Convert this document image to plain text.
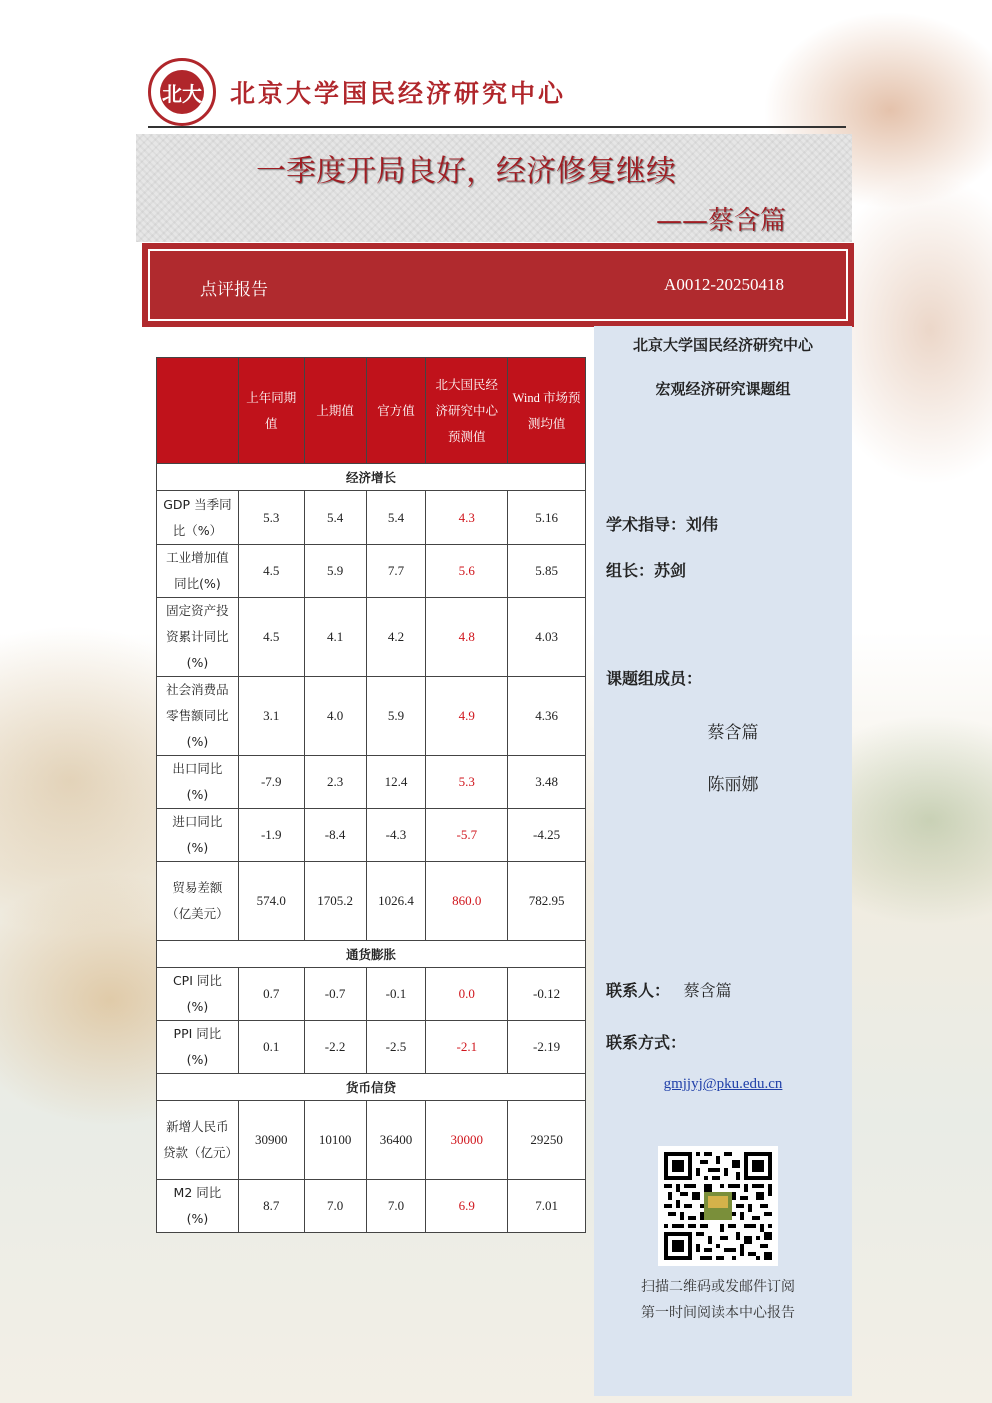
北大 北京大学国民经济研究中心
一季度开局良好，经济修复继续
——蔡含篇
点评报告	A0012-20250418
	上年同期值	上期值	官方值	北大国民经济研究中心预测值	Wind 市场预测均值
经济增长					
GDP 当季同比（%）	5.3	5.4	5.4	4.3	5.16
工业增加值同比(%)	4.5	5.9	7.7	5.6	5.85
固定资产投资累计同比(%)	4.5	4.1	4.2	4.8	4.03
社会消费品零售额同比(%)	3.1	4.0	5.9	4.9	4.36
出口同比(%)	-7.9	2.3	12.4	5.3	3.48
进口同比(%)	-1.9	-8.4	-4.3	-5.7	-4.25
贸易差额（亿美元）	574.0	1705.2	1026.4	860.0	782.95
通货膨胀					
CPI 同比(%)	0.7	-0.7	-0.1	0.0	-0.12
PPI 同比(%)	0.1	-2.2	-2.5	-2.1	-2.19
货币信贷					
新增人民币贷款（亿元）	30900	10100	36400	30000	29250
M2 同比(%)	8.7	7.0	7.0	6.9	7.01
北京大学国民经济研究中心
宏观经济研究课题组
学术指导：刘伟
组长：苏剑
课题组成员：
蔡含篇
陈丽娜
联系人： 蔡含篇
联系方式：
gmjjyj@pku.edu.cn
扫描二维码或发邮件订阅
第一时间阅读本中心报告
